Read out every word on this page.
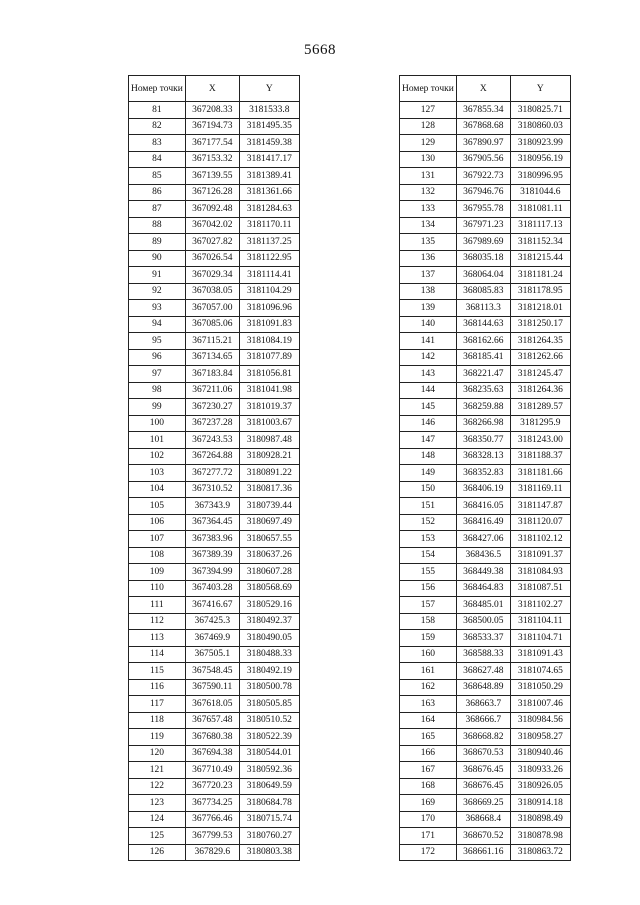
5668
Номер точки	X	Y
81	367208.33	3181533.8
82	367194.73	3181495.35
83	367177.54	3181459.38
84	367153.32	3181417.17
85	367139.55	3181389.41
86	367126.28	3181361.66
87	367092.48	3181284.63
88	367042.02	3181170.11
89	367027.82	3181137.25
90	367026.54	3181122.95
91	367029.34	3181114.41
92	367038.05	3181104.29
93	367057.00	3181096.96
94	367085.06	3181091.83
95	367115.21	3181084.19
96	367134.65	3181077.89
97	367183.84	3181056.81
98	367211.06	3181041.98
99	367230.27	3181019.37
100	367237.28	3181003.67
101	367243.53	3180987.48
102	367264.88	3180928.21
103	367277.72	3180891.22
104	367310.52	3180817.36
105	367343.9	3180739.44
106	367364.45	3180697.49
107	367383.96	3180657.55
108	367389.39	3180637.26
109	367394.99	3180607.28
110	367403.28	3180568.69
111	367416.67	3180529.16
112	367425.3	3180492.37
113	367469.9	3180490.05
114	367505.1	3180488.33
115	367548.45	3180492.19
116	367590.11	3180500.78
117	367618.05	3180505.85
118	367657.48	3180510.52
119	367680.38	3180522.39
120	367694.38	3180544.01
121	367710.49	3180592.36
122	367720.23	3180649.59
123	367734.25	3180684.78
124	367766.46	3180715.74
125	367799.53	3180760.27
126	367829.6	3180803.38
Номер точки	X	Y
127	367855.34	3180825.71
128	367868.68	3180860.03
129	367890.97	3180923.99
130	367905.56	3180956.19
131	367922.73	3180996.95
132	367946.76	3181044.6
133	367955.78	3181081.11
134	367971.23	3181117.13
135	367989.69	3181152.34
136	368035.18	3181215.44
137	368064.04	3181181.24
138	368085.83	3181178.95
139	368113.3	3181218.01
140	368144.63	3181250.17
141	368162.66	3181264.35
142	368185.41	3181262.66
143	368221.47	3181245.47
144	368235.63	3181264.36
145	368259.88	3181289.57
146	368266.98	3181295.9
147	368350.77	3181243.00
148	368328.13	3181188.37
149	368352.83	3181181.66
150	368406.19	3181169.11
151	368416.05	3181147.87
152	368416.49	3181120.07
153	368427.06	3181102.12
154	368436.5	3181091.37
155	368449.38	3181084.93
156	368464.83	3181087.51
157	368485.01	3181102.27
158	368500.05	3181104.11
159	368533.37	3181104.71
160	368588.33	3181091.43
161	368627.48	3181074.65
162	368648.89	3181050.29
163	368663.7	3181007.46
164	368666.7	3180984.56
165	368668.82	3180958.27
166	368670.53	3180940.46
167	368676.45	3180933.26
168	368676.45	3180926.05
169	368669.25	3180914.18
170	368668.4	3180898.49
171	368670.52	3180878.98
172	368661.16	3180863.72
